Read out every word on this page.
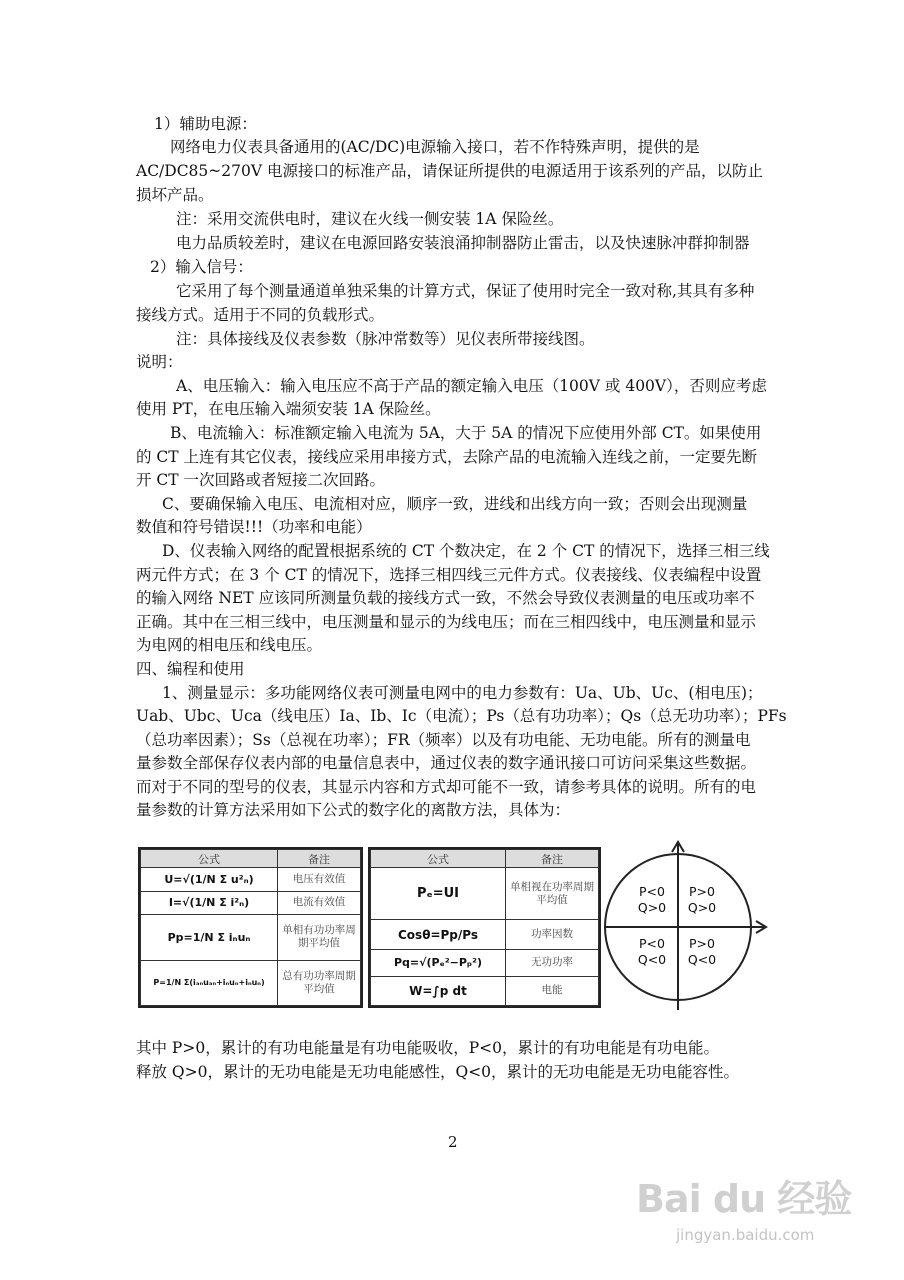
1）辅助电源：
网络电力仪表具备通用的(AC/DC)电源输入接口，若不作特殊声明，提供的是
AC/DC85~270V 电源接口的标准产品，请保证所提供的电源适用于该系列的产品，以防止
损坏产品。
注：采用交流供电时，建议在火线一侧安装 1A 保险丝。
电力品质较差时，建议在电源回路安装浪涌抑制器防止雷击，以及快速脉冲群抑制器
2）输入信号：
它采用了每个测量通道单独采集的计算方式，保证了使用时完全一致对称,其具有多种
接线方式。适用于不同的负载形式。
注：具体接线及仪表参数（脉冲常数等）见仪表所带接线图。
说明：
A、电压输入：输入电压应不高于产品的额定输入电压（100V 或 400V），否则应考虑
使用 PT，在电压输入端须安装 1A 保险丝。
B、电流输入：标准额定输入电流为 5A，大于 5A 的情况下应使用外部 CT。如果使用
的 CT 上连有其它仪表，接线应采用串接方式，去除产品的电流输入连线之前，一定要先断
开 CT 一次回路或者短接二次回路。
C、要确保输入电压、电流相对应，顺序一致，进线和出线方向一致；否则会出现测量
数值和符号错误!!!（功率和电能）
D、仪表输入网络的配置根据系统的 CT 个数决定，在 2 个 CT 的情况下，选择三相三线
两元件方式；在 3 个 CT 的情况下，选择三相四线三元件方式。仪表接线、仪表编程中设置
的输入网络 NET 应该同所测量负载的接线方式一致，不然会导致仪表测量的电压或功率不
正确。其中在三相三线中，电压测量和显示的为线电压；而在三相四线中，电压测量和显示
为电网的相电压和线电压。
四、编程和使用
1、测量显示：多功能网络仪表可测量电网中的电力参数有：Ua、Ub、Uc、(相电压)；
Uab、Ubc、Uca（线电压）Ia、Ib、Ic（电流）；Ps（总有功功率）；Qs（总无功功率）；PFs
（总功率因素）；Ss（总视在功率）；FR（频率）以及有功电能、无功电能。所有的测量电
量参数全部保存仪表内部的电量信息表中，通过仪表的数字通讯接口可访问采集这些数据。
而对于不同的型号的仪表，其显示内容和方式却可能不一致，请参考具体的说明。所有的电
量参数的计算方法采用如下公式的数字化的离散方法，具体为：
公式	备注
U=√(1/N Σ u²ₙ)	电压有效值
I=√(1/N Σ i²ₙ)	电流有效值
Pp=1/N Σ iₙuₙ	单相有功功率周期平均值
P=1/N Σ(iₐₙuₐₙ+iₙuₙ+iₙuₙ)	总有功功率周期平均值
公式	备注
Pₑ=UI	单相视在功率周期平均值
Cosθ=Pp/Ps	功率因数
Pq=√(Pₑ²−Pₚ²)	无功功率
W=∫p dt	电能
P<0
Q>0
P>0
Q>0
P<0
Q<0
P>0
Q<0
其中 P>0，累计的有功电能量是有功电能吸收，P<0，累计的有功电能是有功电能。
释放 Q>0，累计的无功电能是无功电能感性，Q<0，累计的无功电能是无功电能容性。
2
Bai du 经验
jingyan.baidu.com
